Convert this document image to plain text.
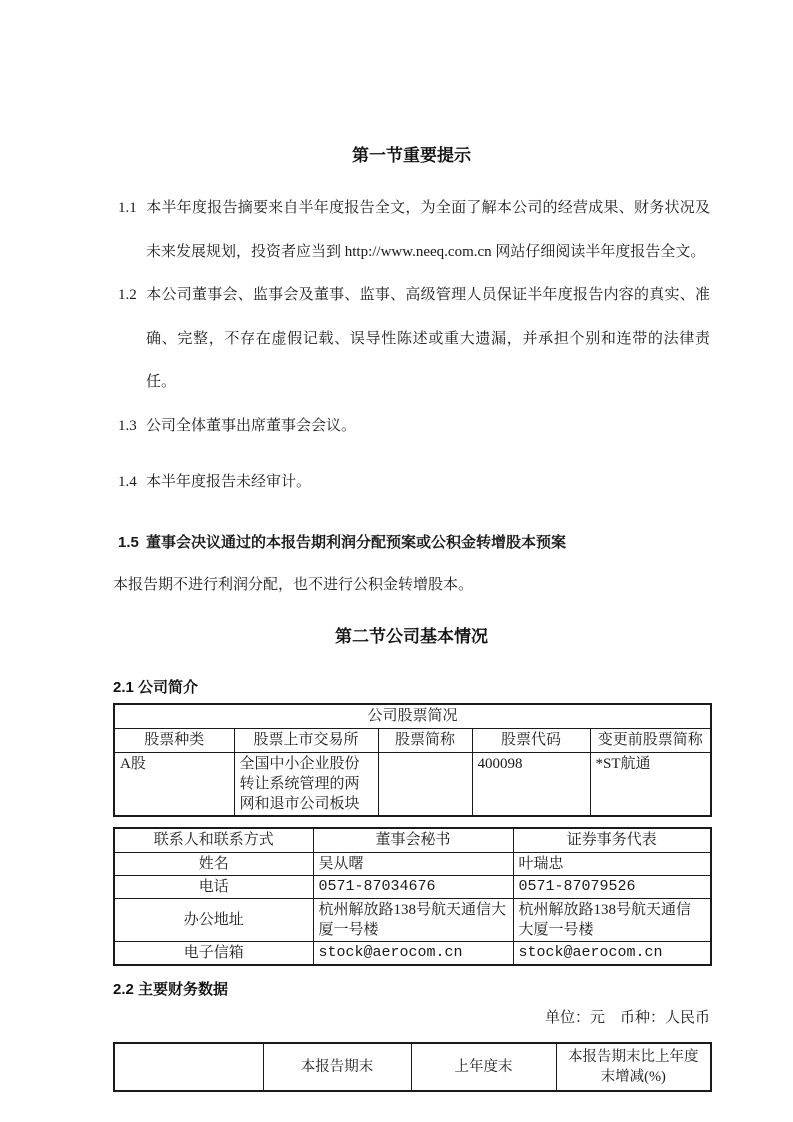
第一节重要提示

1.1 本半年度报告摘要来自半年度报告全文，为全面了解本公司的经营成果、财务状况及未来发展规划，投资者应当到 http://www.neeq.com.cn 网站仔细阅读半年度报告全文。

1.2 本公司董事会、监事会及董事、监事、高级管理人员保证半年度报告内容的真实、准确、完整，不存在虚假记载、误导性陈述或重大遗漏，并承担个别和连带的法律责任。

1.3 公司全体董事出席董事会会议。

1.4 本半年度报告未经审计。

1.5 董事会决议通过的本报告期利润分配预案或公积金转增股本预案

本报告期不进行利润分配，也不进行公积金转增股本。

第二节公司基本情况
2.1 公司简介
公司股票简况				
股票种类	股票上市交易所	股票简称	股票代码	变更前股票简称
A股	全国中小企业股份转让系统管理的两网和退市公司板块		400098	*ST航通
联系人和联系方式	董事会秘书	证券事务代表
姓名	吴从曙	叶瑞忠
电话	0571-87034676	0571-87079526
办公地址	杭州解放路138号航天通信大厦一号楼	杭州解放路138号航天通信大厦一号楼
电子信箱	stock@aerocom.cn	stock@aerocom.cn
2.2 主要财务数据
单位：元　币种：人民币
	本报告期末	上年度末	本报告期末比上年度末增减(%)
